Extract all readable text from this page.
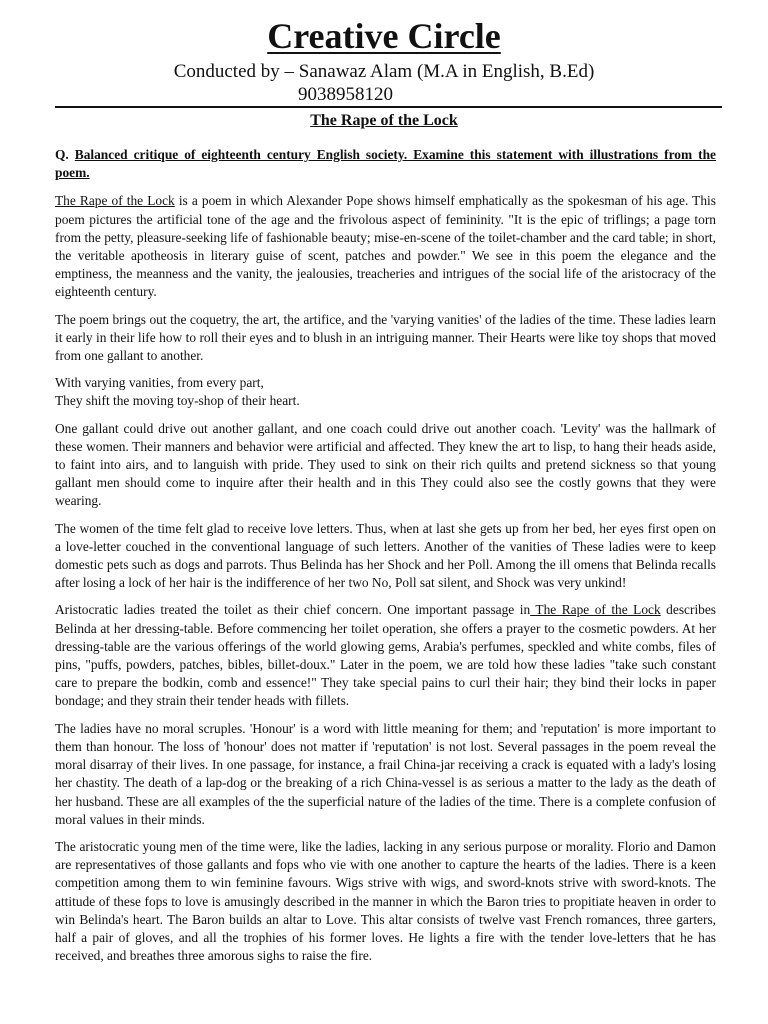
Creative Circle
Conducted by – Sanawaz Alam (M.A in English, B.Ed)
9038958120
The Rape of the Lock

Q. Balanced critique of eighteenth century English society. Examine this statement with illustrations from the poem.

The Rape of the Lock is a poem in which Alexander Pope shows himself emphatically as the spokesman of his age. This poem pictures the artificial tone of the age and the frivolous aspect of femininity. "It is the epic of triflings; a page torn from the petty, pleasure-seeking life of fashionable beauty; mise-en-scene of the toilet-chamber and the card table; in short, the veritable apotheosis in literary guise of scent, patches and powder." We see in this poem the elegance and the emptiness, the meanness and the vanity, the jealousies, treacheries and intrigues of the social life of the aristocracy of the eighteenth century.

The poem brings out the coquetry, the art, the artifice, and the 'varying vanities' of the ladies of the time. These ladies learn it early in their life how to roll their eyes and to blush in an intriguing manner. Their Hearts were like toy shops that moved from one gallant to another.

With varying vanities, from every part,
They shift the moving toy-shop of their heart.

One gallant could drive out another gallant, and one coach could drive out another coach. 'Levity' was the hallmark of these women. Their manners and behavior were artificial and affected. They knew the art to lisp, to hang their heads aside, to faint into airs, and to languish with pride. They used to sink on their rich quilts and pretend sickness so that young gallant men should come to inquire after their health and in this They could also see the costly gowns that they were wearing.

The women of the time felt glad to receive love letters. Thus, when at last she gets up from her bed, her eyes first open on a love-letter couched in the conventional language of such letters. Another of the vanities of These ladies were to keep domestic pets such as dogs and parrots. Thus Belinda has her Shock and her Poll. Among the ill omens that Belinda recalls after losing a lock of her hair is the indifference of her two No, Poll sat silent, and Shock was very unkind!

Aristocratic ladies treated the toilet as their chief concern. One important passage in The Rape of the Lock describes Belinda at her dressing-table. Before commencing her toilet operation, she offers a prayer to the cosmetic powders. At her dressing-table are the various offerings of the world glowing gems, Arabia's perfumes, speckled and white combs, files of pins, "puffs, powders, patches, bibles, billet-doux." Later in the poem, we are told how these ladies "take such constant care to prepare the bodkin, comb and essence!" They take special pains to curl their hair; they bind their locks in paper bondage; and they strain their tender heads with fillets.

The ladies have no moral scruples. 'Honour' is a word with little meaning for them; and 'reputation' is more important to them than honour. The loss of 'honour' does not matter if 'reputation' is not lost. Several passages in the poem reveal the moral disarray of their lives. In one passage, for instance, a frail China-jar receiving a crack is equated with a lady's losing her chastity. The death of a lap-dog or the breaking of a rich China-vessel is as serious a matter to the lady as the death of her husband. These are all examples of the the superficial nature of the ladies of the time. There is a complete confusion of moral values in their minds.

The aristocratic young men of the time were, like the ladies, lacking in any serious purpose or morality. Florio and Damon are representatives of those gallants and fops who vie with one another to capture the hearts of the ladies. There is a keen competition among them to win feminine favours. Wigs strive with wigs, and sword-knots strive with sword-knots. The attitude of these fops to love is amusingly described in the manner in which the Baron tries to propitiate heaven in order to win Belinda's heart. The Baron builds an altar to Love. This altar consists of twelve vast French romances, three garters, half a pair of gloves, and all the trophies of his former loves. He lights a fire with the tender love-letters that he has received, and breathes three amorous sighs to raise the fire.
